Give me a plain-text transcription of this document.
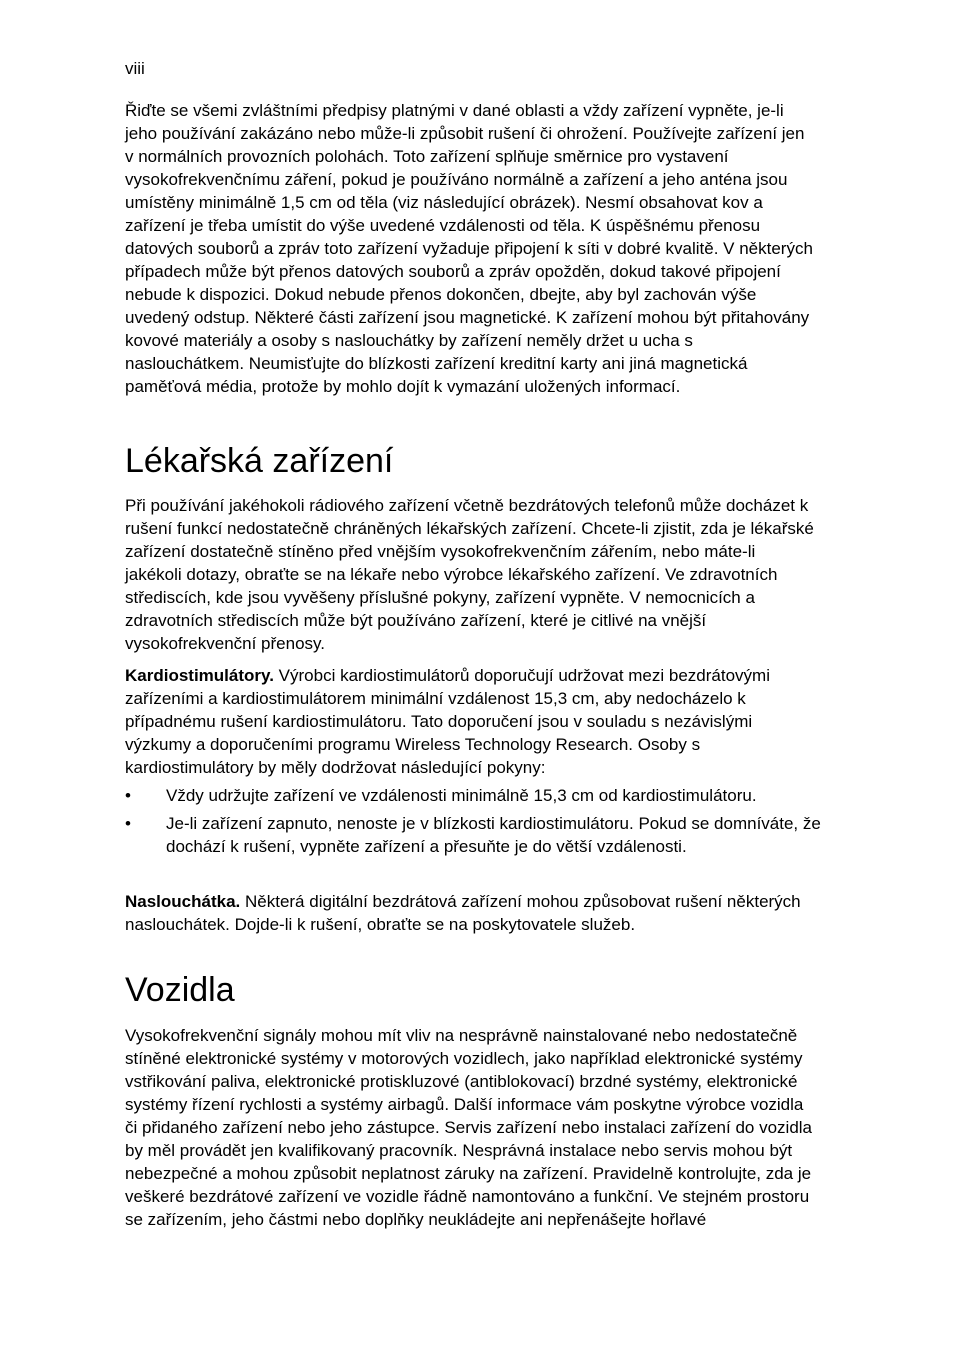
viii

Řiďte se všemi zvláštními předpisy platnými v dané oblasti a vždy zařízení vypněte, je-li jeho používání zakázáno nebo může-li způsobit rušení či ohrožení. Používejte zařízení jen v normálních provozních polohách. Toto zařízení splňuje směrnice pro vystavení vysokofrekvenčnímu záření, pokud je používáno normálně a zařízení a jeho anténa jsou umístěny minimálně 1,5 cm od těla (viz následující obrázek). Nesmí obsahovat kov a zařízení je třeba umístit do výše uvedené vzdálenosti od těla. K úspěšnému přenosu datových souborů a zpráv toto zařízení vyžaduje připojení k síti v dobré kvalitě. V některých případech může být přenos datových souborů a zpráv opožděn, dokud takové připojení nebude k dispozici. Dokud nebude přenos dokončen, dbejte, aby byl zachován výše uvedený odstup. Některé části zařízení jsou magnetické. K zařízení mohou být přitahovány kovové materiály a osoby s naslouchátky by zařízení neměly držet u ucha s naslouchátkem. Neumisťujte do blízkosti zařízení kreditní karty ani jiná magnetická paměťová média, protože by mohlo dojít k vymazání uložených informací.

Lékařská zařízení

Při používání jakéhokoli rádiového zařízení včetně bezdrátových telefonů může docházet k rušení funkcí nedostatečně chráněných lékařských zařízení. Chcete-li zjistit, zda je lékařské zařízení dostatečně stíněno před vnějším vysokofrekvenčním zářením, nebo máte-li jakékoli dotazy, obraťte se na lékaře nebo výrobce lékařského zařízení. Ve zdravotních střediscích, kde jsou vyvěšeny příslušné pokyny, zařízení vypněte. V nemocnicích a zdravotních střediscích může být používáno zařízení, které je citlivé na vnější vysokofrekvenční přenosy.

Kardiostimulátory. Výrobci kardiostimulátorů doporučují udržovat mezi bezdrátovými zařízeními a kardiostimulátorem minimální vzdálenost 15,3 cm, aby nedocházelo k případnému rušení kardiostimulátoru. Tato doporučení jsou v souladu s nezávislými výzkumy a doporučeními programu Wireless Technology Research. Osoby s kardiostimulátory by měly dodržovat následující pokyny:

• Vždy udržujte zařízení ve vzdálenosti minimálně 15,3 cm od kardiostimulátoru.
• Je-li zařízení zapnuto, nenoste je v blízkosti kardiostimulátoru. Pokud se domníváte, že dochází k rušení, vypněte zařízení a přesuňte je do větší vzdálenosti.

Naslouchátka. Některá digitální bezdrátová zařízení mohou způsobovat rušení některých naslouchátek. Dojde-li k rušení, obraťte se na poskytovatele služeb.

Vozidla

Vysokofrekvenční signály mohou mít vliv na nesprávně nainstalované nebo nedostatečně stíněné elektronické systémy v motorových vozidlech, jako například elektronické systémy vstřikování paliva, elektronické protiskluzové (antiblokovací) brzdné systémy, elektronické systémy řízení rychlosti a systémy airbagů. Další informace vám poskytne výrobce vozidla či přidaného zařízení nebo jeho zástupce. Servis zařízení nebo instalaci zařízení do vozidla by měl provádět jen kvalifikovaný pracovník. Nesprávná instalace nebo servis mohou být nebezpečné a mohou způsobit neplatnost záruky na zařízení. Pravidelně kontrolujte, zda je veškeré bezdrátové zařízení ve vozidle řádně namontováno a funkční. Ve stejném prostoru se zařízením, jeho částmi nebo doplňky neukládejte ani nepřenášejte hořlavé
